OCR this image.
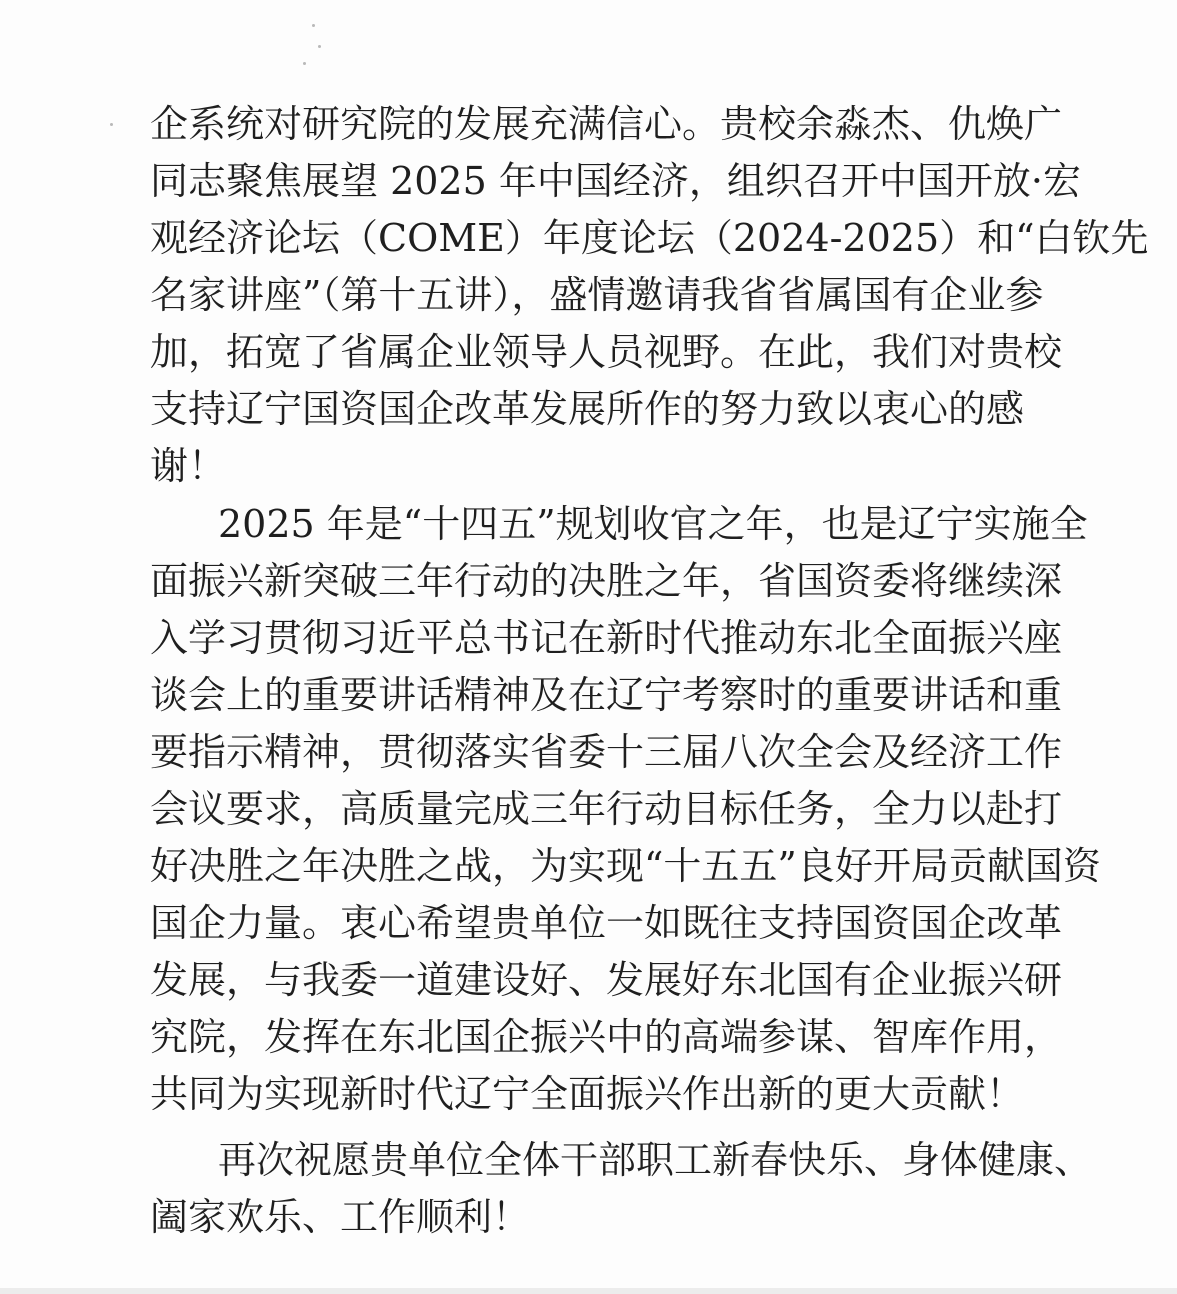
企系统对研究院的发展充满信心。贵校余淼杰、仇焕广
同志聚焦展望 2025 年中国经济，组织召开中国开放·宏
观经济论坛（COME）年度论坛（2024-2025）和“白钦先
名家讲座”（第十五讲），盛情邀请我省省属国有企业参
加，拓宽了省属企业领导人员视野。在此，我们对贵校
支持辽宁国资国企改革发展所作的努力致以衷心的感
谢！
2025 年是“十四五”规划收官之年，也是辽宁实施全
面振兴新突破三年行动的决胜之年，省国资委将继续深
入学习贯彻习近平总书记在新时代推动东北全面振兴座
谈会上的重要讲话精神及在辽宁考察时的重要讲话和重
要指示精神，贯彻落实省委十三届八次全会及经济工作
会议要求，高质量完成三年行动目标任务，全力以赴打
好决胜之年决胜之战，为实现“十五五”良好开局贡献国资
国企力量。衷心希望贵单位一如既往支持国资国企改革
发展，与我委一道建设好、发展好东北国有企业振兴研
究院，发挥在东北国企振兴中的高端参谋、智库作用，
共同为实现新时代辽宁全面振兴作出新的更大贡献！
再次祝愿贵单位全体干部职工新春快乐、身体健康、
阖家欢乐、工作顺利！
